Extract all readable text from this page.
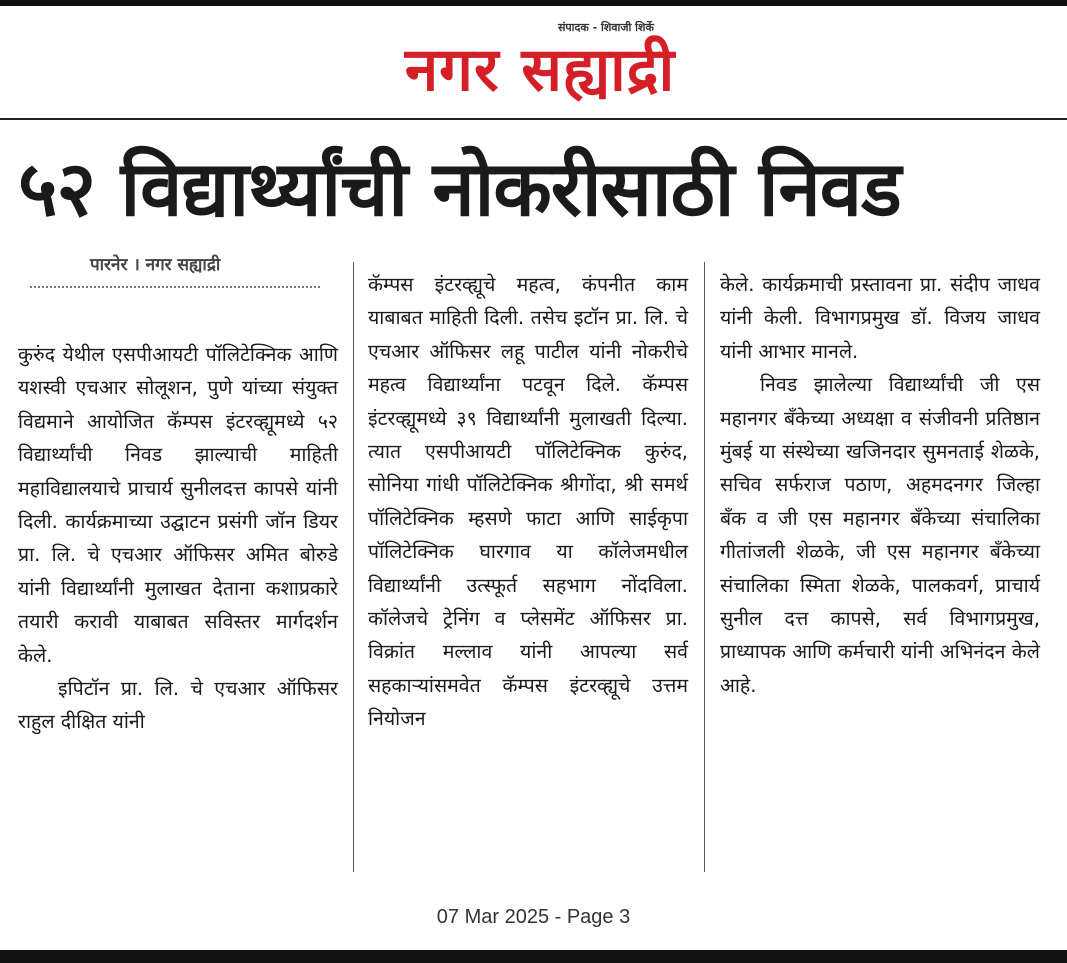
संपादक - शिवाजी शिर्के
नगर सह्याद्री
५२ विद्यार्थ्यांची नोकरीसाठी निवड
पारनेर । नगर सह्याद्री

कुरुंद येथील एसपीआयटी पॉलिटेक्निक आणि यशस्वी एचआर सोलूशन, पुणे यांच्या संयुक्त विद्यमाने आयोजित कॅम्पस इंटरव्ह्यूमध्ये ५२ विद्यार्थ्यांची निवड झाल्याची माहिती महाविद्यालयाचे प्राचार्य सुनीलदत्त कापसे यांनी दिली. कार्यक्रमाच्या उद्घाटन प्रसंगी जॉन डियर प्रा. लि. चे एचआर ऑफिसर अमित बोरुडे यांनी विद्यार्थ्यांनी मुलाखत देताना कशाप्रकारे तयारी करावी याबाबत सविस्तर मार्गदर्शन केले.

इपिटॉन प्रा. लि. चे एचआर ऑफिसर राहुल दीक्षित यांनी

कॅम्पस इंटरव्ह्यूचे महत्व, कंपनीत काम याबाबत माहिती दिली. तसेच इटॉन प्रा. लि. चे एचआर ऑफिसर लहू पाटील यांनी नोकरीचे महत्व विद्यार्थ्यांना पटवून दिले. कॅम्पस इंटरव्ह्यूमध्ये ३९ विद्यार्थ्यांनी मुलाखती दिल्या. त्यात एसपीआयटी पॉलिटेक्निक कुरुंद, सोनिया गांधी पॉलिटेक्निक श्रीगोंदा, श्री समर्थ पॉलिटेक्निक म्हसणे फाटा आणि साईकृपा पॉलिटेक्निक घारगाव या कॉलेजमधील विद्यार्थ्यांनी उत्स्फूर्त सहभाग नोंदविला. कॉलेजचे ट्रेनिंग व प्लेसमेंट ऑफिसर प्रा. विक्रांत मल्लाव यांनी आपल्या सर्व सहकाऱ्यांसमवेत कॅम्पस इंटरव्ह्यूचे उत्तम नियोजन

केले. कार्यक्रमाची प्रस्तावना प्रा. संदीप जाधव यांनी केली. विभागप्रमुख डॉ. विजय जाधव यांनी आभार मानले.

निवड झालेल्या विद्यार्थ्यांची जी एस महानगर बँकेच्या अध्यक्षा व संजीवनी प्रतिष्ठान मुंबई या संस्थेच्या खजिनदार सुमनताई शेळके, सचिव सर्फराज पठाण, अहमदनगर जिल्हा बँक व जी एस महानगर बँकेच्या संचालिका गीतांजली शेळके, जी एस महानगर बँकेच्या संचालिका स्मिता शेळके, पालकवर्ग, प्राचार्य सुनील दत्त कापसे, सर्व विभागप्रमुख, प्राध्यापक आणि कर्मचारी यांनी अभिनंदन केले आहे.

07 Mar 2025 - Page 3
